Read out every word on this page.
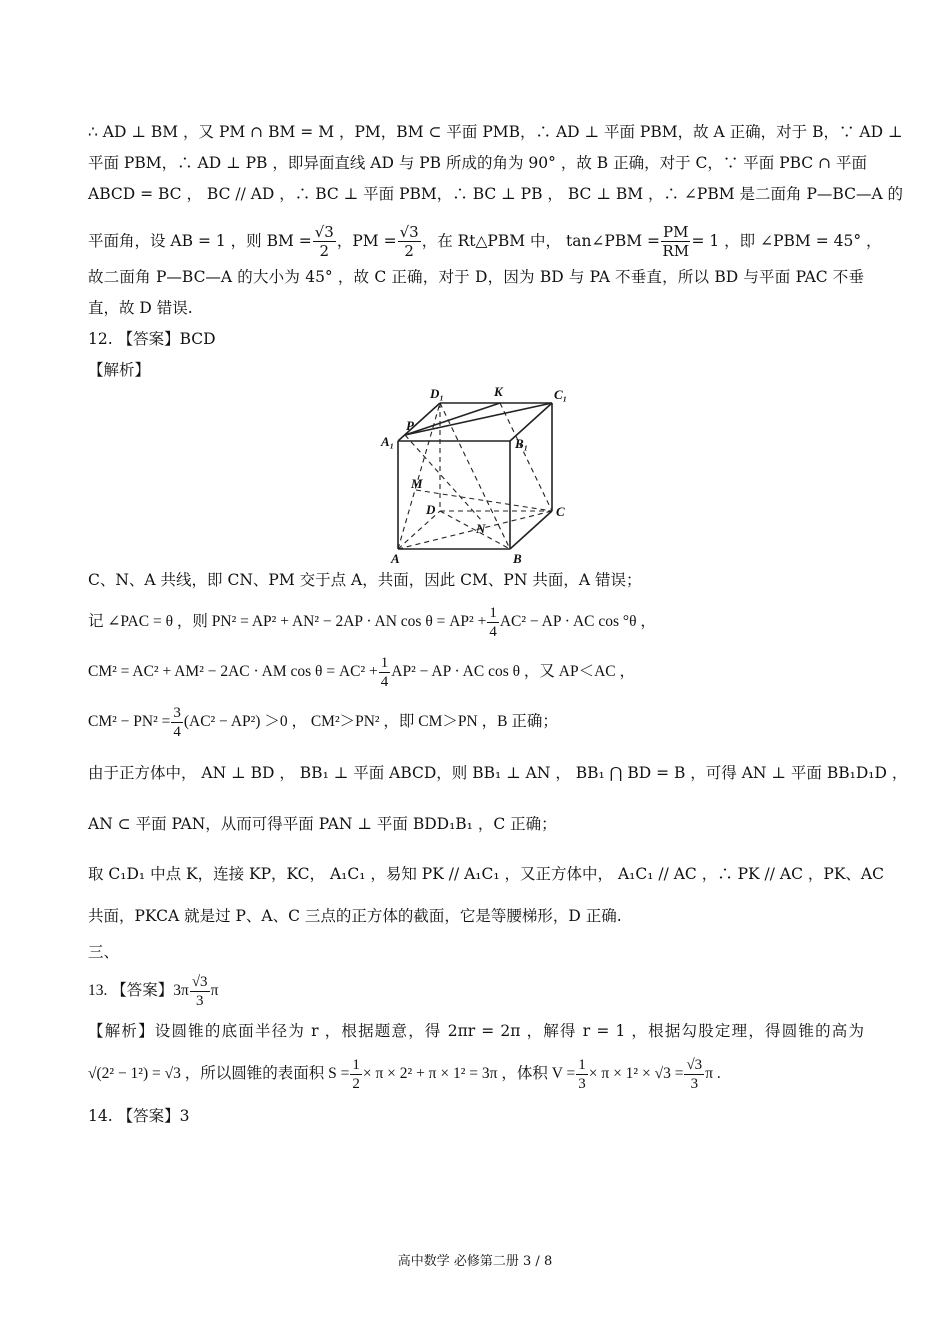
∴ AD ⊥ BM ，又 PM ∩ BM = M ，PM，BM ⊂ 平面 PMB，∴ AD ⊥ 平面 PBM，故 A 正确，对于 B，∵ AD ⊥
平面 PBM，∴ AD ⊥ PB ，即异面直线 AD 与 PB 所成的角为 90° ，故 B 正确，对于 C，∵ 平面 PBC ∩ 平面
ABCD = BC ， BC // AD ，∴ BC ⊥ 平面 PBM，∴ BC ⊥ PB ， BC ⊥ BM ，∴ ∠PBM 是二面角 P—BC—A 的
平面角，设 AB = 1 ，则 BM = $\frac{√3}{2}$ ，PM = $\frac{√3}{2}$ ，在 Rt△PBM 中， tan∠PBM = $\frac{PM}{RM} = 1$ ，即 ∠PBM = 45° ，
故二面角 P—BC—A 的大小为 45° ，故 C 正确，对于 D，因为 BD 与 PA 不垂直，所以 BD 与平面 PAC 不垂
直，故 D 错误.
12. 【答案】BCD
【解析】
D₁	K	C₁
P
A₁	B₁
M
D	C
N
A	B
C、N、A 共线，即 CN、PM 交于点 A，共面，因此 CM、PN 共面，A 错误；
记 ∠PAC = θ ，则 PN² = AP² + AN² − 2AP · AN $\cos \theta = AP^2 + \frac{1}{4} AC^2$ − AP · AC cos °θ ，
CM² = AC² + AM² − 2AC · AM $\cos \theta = AC^2 + \frac{1}{4} AP^2$ − AP · AC cos θ ，又 AP＜AC ，
$CM^2 - PN^2 = \frac{3}{4} (AC^2 - AP^2) >0$ ， CM²＞PN² ，即 CM＞PN ，B 正确；
由于正方体中， AN ⊥ BD ， BB₁ ⊥ 平面 ABCD，则 BB₁ ⊥ AN ， BB₁ ⋂ BD = B ，可得 AN ⊥ 平面 BB₁D₁D ，
AN ⊂ 平面 PAN，从而可得平面 PAN ⊥ 平面 BDD₁B₁ ，C 正确；
取 C₁D₁ 中点 K，连接 KP，KC， A₁C₁ ，易知 PK // A₁C₁ ，又正方体中， A₁C₁ // AC ，∴ PK // AC ，PK、AC
共面，PKCA 就是过 P、A、C 三点的正方体的截面，它是等腰梯形，D 正确.
三、
13. 【答案】$3\pi \frac{√3}{3}$ π
【解析】设圆锥的底面半径为 r ，根据题意，得 2πr = 2π ，解得 r = 1 ，根据勾股定理，得圆锥的高为
√(2² − 1²) = √3 ，所以圆锥的表面积 $S = \frac{1}{2} \times \pi \times 2^2 + \pi \times 1^2 = 3\pi$ ，体积 $V = \frac{1}{3} \times \pi \times 1^2 \times √3 = \frac{√3}{3}$ π .
14. 【答案】3
高中数学 必修第二册 3 / 8
